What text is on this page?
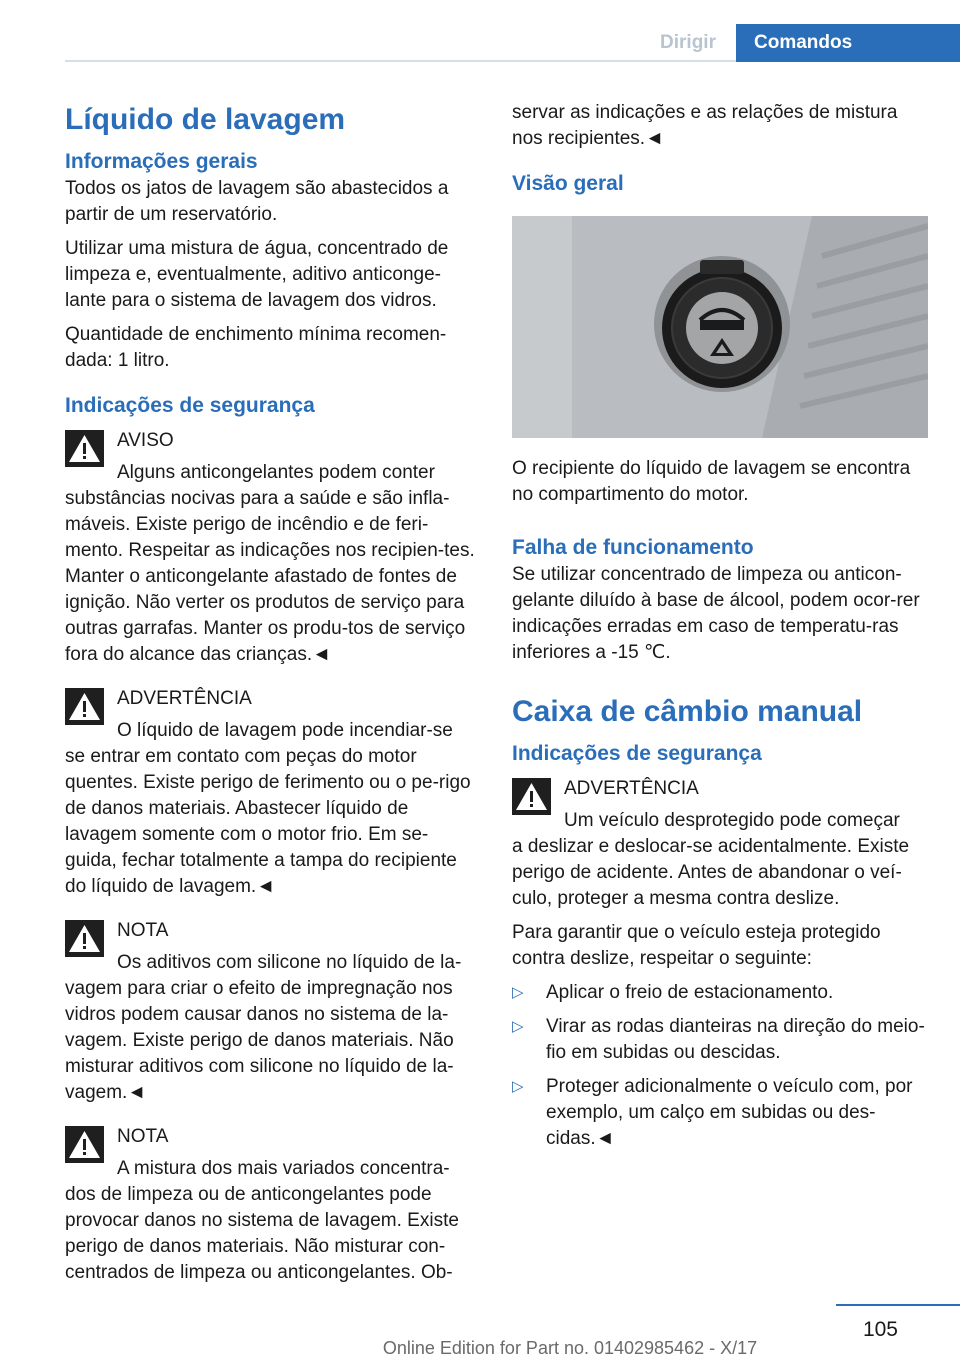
Dirigir	Comandos
Líquido de lavagem
Informações gerais

Todos os jatos de lavagem são abastecidos a partir de um reservatório.

Utilizar uma mistura de água, concentrado de limpeza e, eventualmente, aditivo anticonge-lante para o sistema de lavagem dos vidros.

Quantidade de enchimento mínima recomen-dada: 1 litro.

Indicações de segurança
AVISO
Alguns anticongelantes podem conter

substâncias nocivas para a saúde e são infla-máveis. Existe perigo de incêndio e de feri-mento. Respeitar as indicações nos recipien-tes. Manter o anticongelante afastado de fontes de ignição. Não verter os produtos de serviço para outras garrafas. Manter os produ-tos de serviço fora do alcance das crianças.◄

ADVERTÊNCIA
O líquido de lavagem pode incendiar-se

se entrar em contato com peças do motor quentes. Existe perigo de ferimento ou o pe-rigo de danos materiais. Abastecer líquido de lavagem somente com o motor frio. Em se-guida, fechar totalmente a tampa do recipiente do líquido de lavagem.◄

NOTA
Os aditivos com silicone no líquido de la-

vagem para criar o efeito de impregnação nos vidros podem causar danos no sistema de la-vagem. Existe perigo de danos materiais. Não misturar aditivos com silicone no líquido de la-vagem.◄

NOTA
A mistura dos mais variados concentra-

dos de limpeza ou de anticongelantes pode provocar danos no sistema de lavagem. Existe perigo de danos materiais. Não misturar con-centrados de limpeza ou anticongelantes. Ob-

servar as indicações e as relações de mistura nos recipientes.◄

Visão geral

O recipiente do líquido de lavagem se encontra no compartimento do motor.

Falha de funcionamento

Se utilizar concentrado de limpeza ou anticon-gelante diluído à base de álcool, podem ocor-rer indicações erradas em caso de temperatu-ras inferiores a -15 ℃.

Caixa de câmbio manual
Indicações de segurança
ADVERTÊNCIA
Um veículo desprotegido pode começar

a deslizar e deslocar-se acidentalmente. Existe perigo de acidente. Antes de abandonar o veí-culo, proteger a mesma contra deslize.

Para garantir que o veículo esteja protegido contra deslize, respeitar o seguinte:

▷ Aplicar o freio de estacionamento.
▷ Virar as rodas dianteiras na direção do meio-fio em subidas ou descidas.
▷ Proteger adicionalmente o veículo com, por exemplo, um calço em subidas ou des-cidas.◄
105
Online Edition for Part no. 01402985462 - X/17
